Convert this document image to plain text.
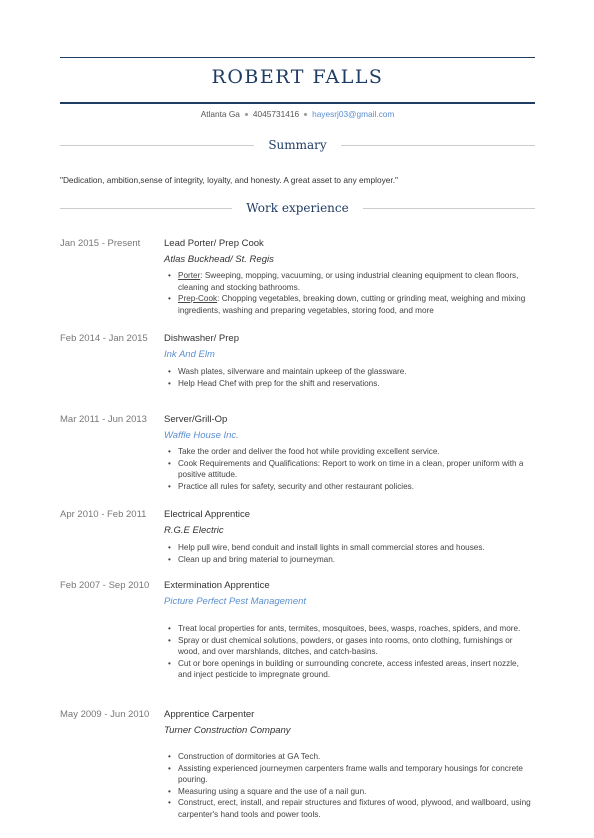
ROBERT FALLS
Atlanta Ga 4045731416 hayesrj03@gmail.com
Summary
"Dedication, ambition,sense of integrity, loyalty, and honesty. A great asset to any employer."
Work experience
Jan 2015 - Present Lead Porter/ Prep Cook
Atlas Buckhead/ St. Regis
• Porter: Sweeping, mopping, vacuuming, or using industrial cleaning equipment to clean floors, cleaning and stocking bathrooms.
• Prep-Cook: Chopping vegetables, breaking down, cutting or grinding meat, weighing and mixing ingredients, washing and preparing vegetables, storing food, and more
Feb 2014 - Jan 2015 Dishwasher/ Prep
Ink And Elm
• Wash plates, silverware and maintain upkeep of the glassware.
• Help Head Chef with prep for the shift and reservations.
Mar 2011 - Jun 2013 Server/Grill-Op
Waffle House Inc.
• Take the order and deliver the food hot while providing excellent service.
• Cook Requirements and Qualifications: Report to work on time in a clean, proper uniform with a positive attitude.
• Practice all rules for safety, security and other restaurant policies.
Apr 2010 - Feb 2011 Electrical Apprentice
R.G.E Electric
• Help pull wire, bend conduit and install lights in small commercial stores and houses.
• Clean up and bring material to journeyman.
Feb 2007 - Sep 2010 Extermination Apprentice
Picture Perfect Pest Management
• Treat local properties for ants, termites, mosquitoes, bees, wasps, roaches, spiders, and more.
• Spray or dust chemical solutions, powders, or gases into rooms, onto clothing, furnishings or wood, and over marshlands, ditches, and catch-basins.
• Cut or bore openings in building or surrounding concrete, access infested areas, insert nozzle, and inject pesticide to impregnate ground.
May 2009 - Jun 2010 Apprentice Carpenter
Turner Construction Company
• Construction of dormitories at GA Tech.
• Assisting experienced journeymen carpenters frame walls and temporary housings for concrete pouring.
• Measuring using a square and the use of a nail gun.
• Construct, erect, install, and repair structures and fixtures of wood, plywood, and wallboard, using carpenter's hand tools and power tools.
